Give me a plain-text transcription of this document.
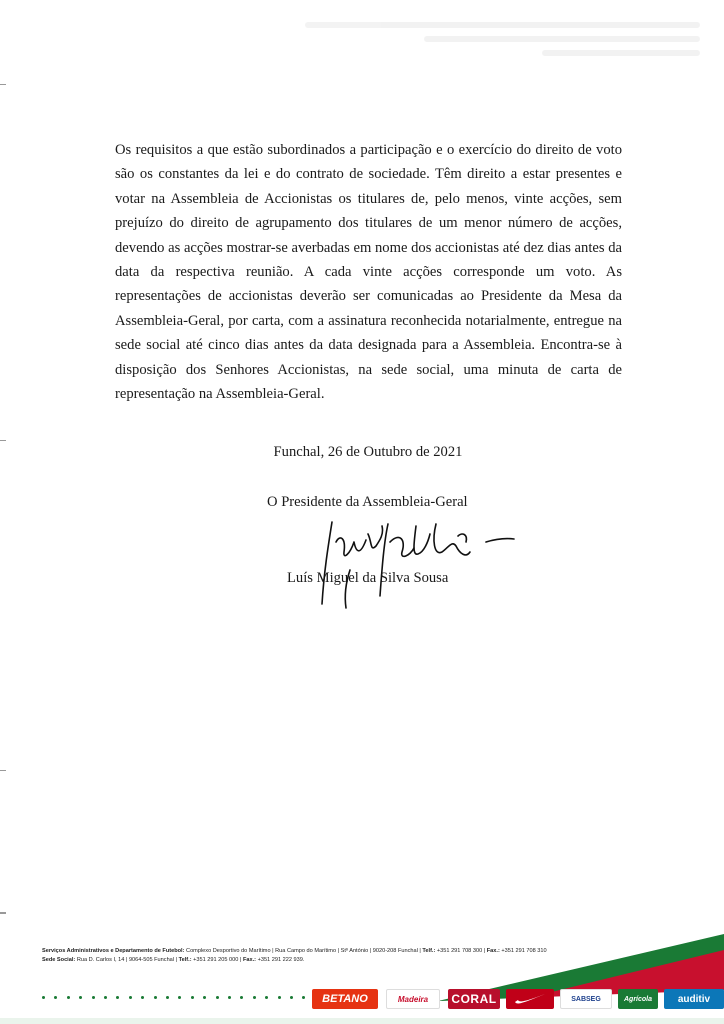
Os requisitos a que estão subordinados a participação e o exercício do direito de voto são os constantes da lei e do contrato de sociedade. Têm direito a estar presentes e votar na Assembleia de Accionistas os titulares de, pelo menos, vinte acções, sem prejuízo do direito de agrupamento dos titulares de um menor número de acções, devendo as acções mostrar-se averbadas em nome dos accionistas até dez dias antes da data da respectiva reunião. A cada vinte acções corresponde um voto. As representações de accionistas deverão ser comunicadas ao Presidente da Mesa da Assembleia-Geral, por carta, com a assinatura reconhecida notarialmente, entregue na sede social até cinco dias antes da data designada para a Assembleia. Encontra-se à disposição dos Senhores Accionistas, na sede social, uma minuta de carta de representação na Assembleia-Geral.

Funchal, 26 de Outubro de 2021
O Presidente da Assembleia-Geral
Luís Miguel da Silva Sousa
Serviços Administrativos e Departamento de Futebol: Complexo Desportivo do Marítimo | Rua Campo do Marítimo | Stº António | 9020-208 Funchal | Telf.: +351 291 708 300 | Fax.: +351 291 708 310
Sede Social: Rua D. Carlos I, 14 | 9064-505 Funchal | Telf.: +351 291 205 000 | Fax.: +351 291 222 939.
BETANO	Madeira	CORAL	SABSEG	Agrícola	auditiv
